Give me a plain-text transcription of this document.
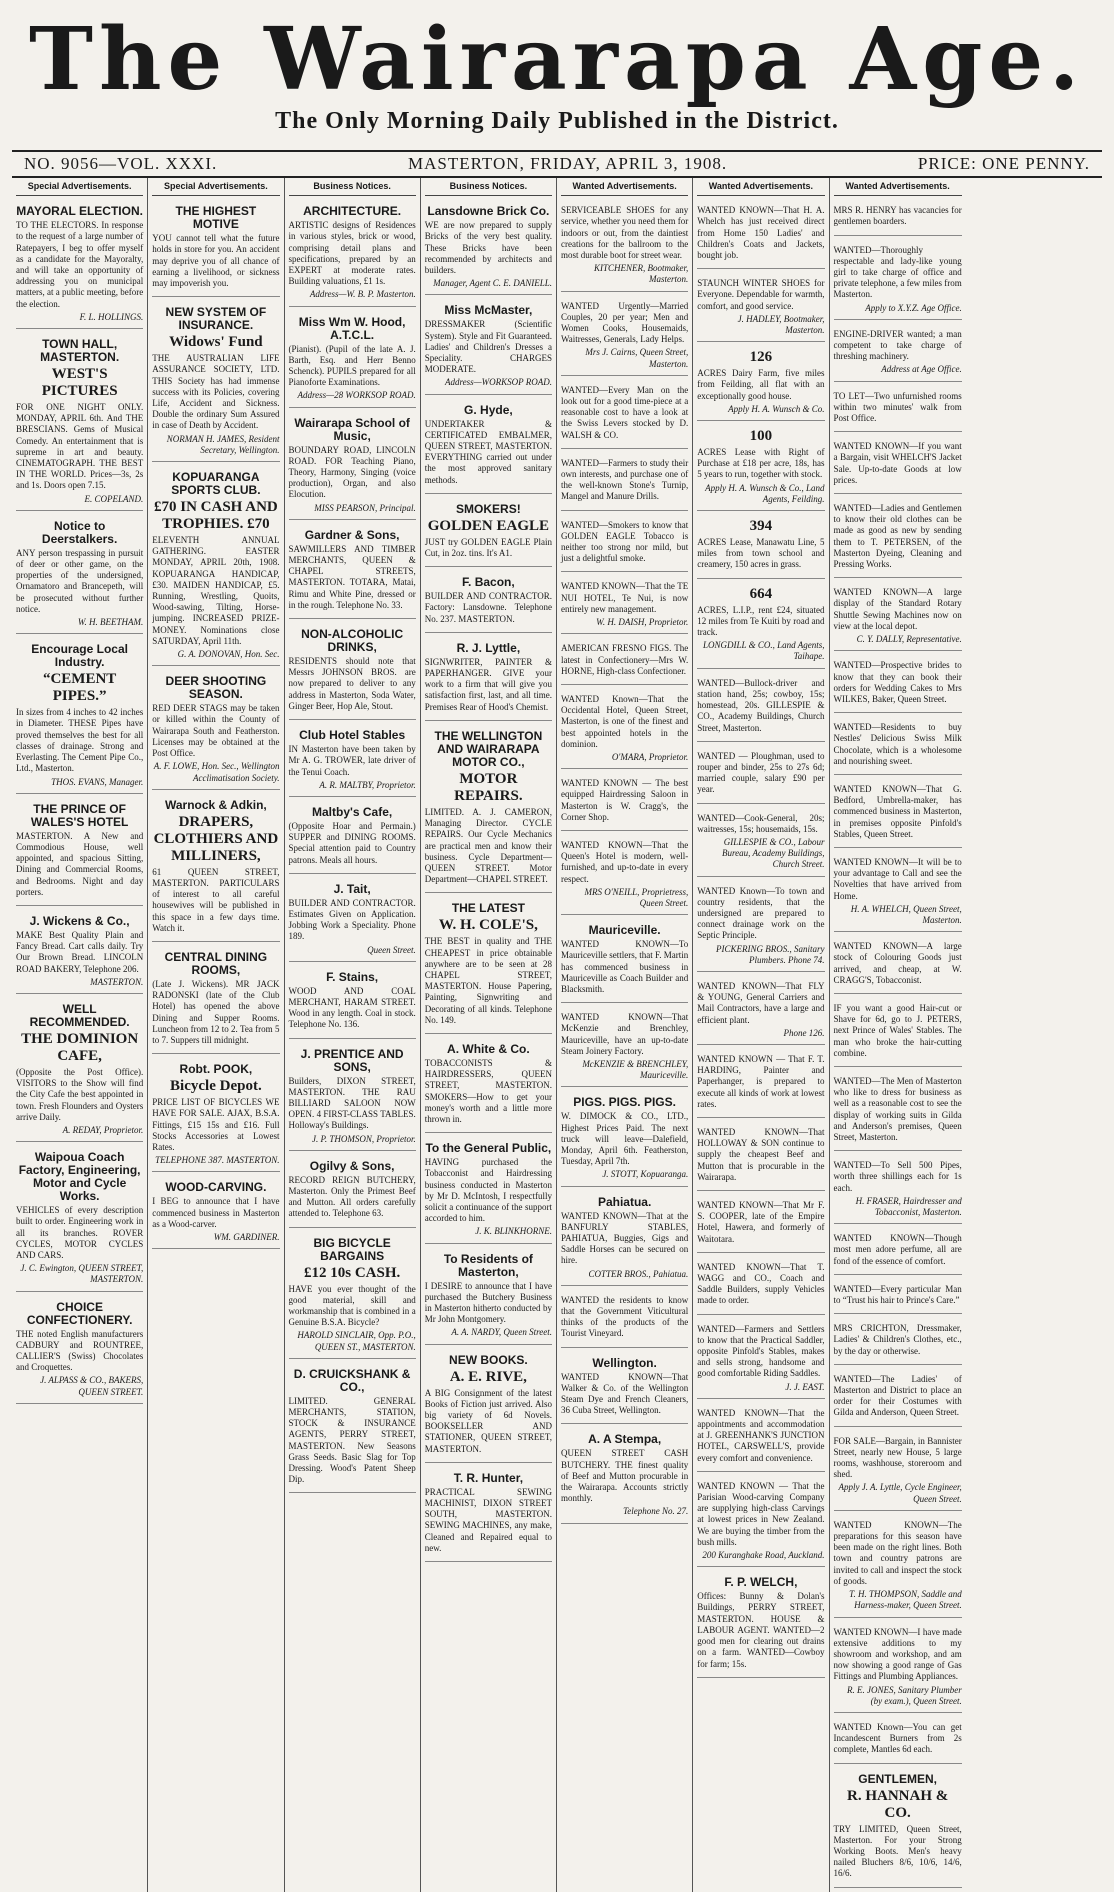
The Wairarapa Age.
The Only Morning Daily Published in the District.
NO. 9056—VOL. XXXI.	MASTERTON, FRIDAY, APRIL 3, 1908.	PRICE: ONE PENNY.
Special Advertisements.
MAYORAL ELECTION.

TO THE ELECTORS. In response to the request of a large number of Ratepayers, I beg to offer myself as a candidate for the Mayoralty, and will take an opportunity of addressing you on municipal matters, at a public meeting, before the election.

F. L. HOLLINGS.
TOWN HALL, MASTERTON.
WEST'S PICTURES

FOR ONE NIGHT ONLY. MONDAY, APRIL 6th. And THE BRESCIANS. Gems of Musical Comedy. An entertainment that is supreme in art and beauty. CINEMATOGRAPH. THE BEST IN THE WORLD. Prices—3s, 2s and 1s. Doors open 7.15.

E. COPELAND.
Notice to Deerstalkers.

ANY person trespassing in pursuit of deer or other game, on the properties of the undersigned, Ornamatoro and Brancepeth, will be prosecuted without further notice.

W. H. BEETHAM.
Encourage Local Industry.
“CEMENT PIPES.”

In sizes from 4 inches to 42 inches in Diameter. THESE Pipes have proved themselves the best for all classes of drainage. Strong and Everlasting. The Cement Pipe Co., Ltd., Masterton.

THOS. EVANS, Manager.
THE PRINCE OF WALES'S HOTEL

MASTERTON. A New and Commodious House, well appointed, and spacious Sitting, Dining and Commercial Rooms, and Bedrooms. Night and day porters.

J. Wickens & Co.,

MAKE Best Quality Plain and Fancy Bread. Cart calls daily. Try Our Brown Bread. LINCOLN ROAD BAKERY, Telephone 206.

MASTERTON.
WELL RECOMMENDED.
THE DOMINION CAFE,

(Opposite the Post Office). VISITORS to the Show will find the City Cafe the best appointed in town. Fresh Flounders and Oysters arrive Daily.

A. REDAY, Proprietor.
Waipoua Coach Factory, Engineering, Motor and Cycle Works.

VEHICLES of every description built to order. Engineering work in all its branches. ROVER CYCLES, MOTOR CYCLES AND CARS.

J. C. Ewington, QUEEN STREET, MASTERTON.
CHOICE CONFECTIONERY.

THE noted English manufacturers CADBURY and ROUNTREE, CALLIER'S (Swiss) Chocolates and Croquettes.

J. ALPASS & CO., BAKERS, QUEEN STREET.
Special Advertisements.
THE HIGHEST MOTIVE

YOU cannot tell what the future holds in store for you. An accident may deprive you of all chance of earning a livelihood, or sickness may impoverish you.

NEW SYSTEM OF INSURANCE.
Widows' Fund

THE AUSTRALIAN LIFE ASSURANCE SOCIETY, LTD. THIS Society has had immense success with its Policies, covering Life, Accident and Sickness. Double the ordinary Sum Assured in case of Death by Accident.

NORMAN H. JAMES, Resident Secretary, Wellington.
KOPUARANGA SPORTS CLUB.
£70 IN CASH AND TROPHIES. £70

ELEVENTH ANNUAL GATHERING. EASTER MONDAY, APRIL 20th, 1908. KOPUARANGA HANDICAP, £30. MAIDEN HANDICAP, £5. Running, Wrestling, Quoits, Wood-sawing, Tilting, Horse-jumping. INCREASED PRIZE-MONEY. Nominations close SATURDAY, April 11th.

G. A. DONOVAN, Hon. Sec.
DEER SHOOTING SEASON.

RED DEER STAGS may be taken or killed within the County of Wairarapa South and Featherston. Licenses may be obtained at the Post Office.

A. F. LOWE, Hon. Sec., Wellington Acclimatisation Society.
Warnock & Adkin,
DRAPERS, CLOTHIERS AND MILLINERS,

61 QUEEN STREET, MASTERTON. PARTICULARS of interest to all careful housewives will be published in this space in a few days time. Watch it.

CENTRAL DINING ROOMS,

(Late J. Wickens). MR JACK RADONSKI (late of the Club Hotel) has opened the above Dining and Supper Rooms. Luncheon from 12 to 2. Tea from 5 to 7. Suppers till midnight.

Robt. POOK,
Bicycle Depot.

PRICE LIST OF BICYCLES WE HAVE FOR SALE. AJAX, B.S.A. Fittings, £15 15s and £16. Full Stocks Accessories at Lowest Rates.

TELEPHONE 387. MASTERTON.
WOOD-CARVING.

I BEG to announce that I have commenced business in Masterton as a Wood-carver.

WM. GARDINER.
Business Notices.
ARCHITECTURE.

ARTISTIC designs of Residences in various styles, brick or wood, comprising detail plans and specifications, prepared by an EXPERT at moderate rates. Building valuations, £1 1s.

Address—W. B. P. Masterton.
Miss Wm W. Hood, A.T.C.L.

(Pianist). (Pupil of the late A. J. Barth, Esq. and Herr Benno Schenck). PUPILS prepared for all Pianoforte Examinations.

Address—28 WORKSOP ROAD.
Wairarapa School of Music,

BOUNDARY ROAD, LINCOLN ROAD. FOR Teaching Piano, Theory, Harmony, Singing (voice production), Organ, and also Elocution.

MISS PEARSON, Principal.
Gardner & Sons,

SAWMILLERS AND TIMBER MERCHANTS, QUEEN & CHAPEL STREETS, MASTERTON. TOTARA, Matai, Rimu and White Pine, dressed or in the rough. Telephone No. 33.

NON-ALCOHOLIC DRINKS,

RESIDENTS should note that Messrs JOHNSON BROS. are now prepared to deliver to any address in Masterton, Soda Water, Ginger Beer, Hop Ale, Stout.

Club Hotel Stables

IN Masterton have been taken by Mr A. G. TROWER, late driver of the Tenui Coach.

A. R. MALTBY, Proprietor.
Maltby's Cafe,

(Opposite Hoar and Permain.) SUPPER and DINING ROOMS. Special attention paid to Country patrons. Meals all hours.

J. Tait,

BUILDER AND CONTRACTOR. Estimates Given on Application. Jobbing Work a Speciality. Phone 189.

Queen Street.
F. Stains,

WOOD AND COAL MERCHANT, HARAM STREET. Wood in any length. Coal in stock. Telephone No. 136.

J. PRENTICE AND SONS,

Builders, DIXON STREET, MASTERTON. THE RAU BILLIARD SALOON NOW OPEN. 4 FIRST-CLASS TABLES. Holloway's Buildings.

J. P. THOMSON, Proprietor.
Ogilvy & Sons,

RECORD REIGN BUTCHERY, Masterton. Only the Primest Beef and Mutton. All orders carefully attended to. Telephone 63.

BIG BICYCLE BARGAINS
£12 10s CASH.

HAVE you ever thought of the good material, skill and workmanship that is combined in a Genuine B.S.A. Bicycle?

HAROLD SINCLAIR, Opp. P.O., QUEEN ST., MASTERTON.
D. CRUICKSHANK & CO.,

LIMITED. GENERAL MERCHANTS, STATION, STOCK & INSURANCE AGENTS, PERRY STREET, MASTERTON. New Seasons Grass Seeds. Basic Slag for Top Dressing. Wood's Patent Sheep Dip.

Business Notices.
Lansdowne Brick Co.

WE are now prepared to supply Bricks of the very best quality. These Bricks have been recommended by architects and builders.

Manager, Agent C. E. DANIELL.
Miss McMaster,

DRESSMAKER (Scientific System). Style and Fit Guaranteed. Ladies' and Children's Dresses a Speciality. CHARGES MODERATE.

Address—WORKSOP ROAD.
G. Hyde,

UNDERTAKER & CERTIFICATED EMBALMER, QUEEN STREET, MASTERTON. EVERYTHING carried out under the most approved sanitary methods.

SMOKERS!
GOLDEN EAGLE

JUST try GOLDEN EAGLE Plain Cut, in 2oz. tins. It's A1.

F. Bacon,

BUILDER AND CONTRACTOR. Factory: Lansdowne. Telephone No. 237. MASTERTON.

R. J. Lyttle,

SIGNWRITER, PAINTER & PAPERHANGER. GIVE your work to a firm that will give you satisfaction first, last, and all time. Premises Rear of Hood's Chemist.

THE WELLINGTON AND WAIRARAPA MOTOR CO.,
MOTOR REPAIRS.

LIMITED. A. J. CAMERON, Managing Director. CYCLE REPAIRS. Our Cycle Mechanics are practical men and know their business. Cycle Department—QUEEN STREET. Motor Department—CHAPEL STREET.

THE LATEST
W. H. COLE'S,

THE BEST in quality and THE CHEAPEST in price obtainable anywhere are to be seen at 28 CHAPEL STREET, MASTERTON. House Papering, Painting, Signwriting and Decorating of all kinds. Telephone No. 149.

A. White & Co.

TOBACCONISTS & HAIRDRESSERS, QUEEN STREET, MASTERTON. SMOKERS—How to get your money's worth and a little more thrown in.

To the General Public,

HAVING purchased the Tobacconist and Hairdressing business conducted in Masterton by Mr D. McIntosh, I respectfully solicit a continuance of the support accorded to him.

J. K. BLINKHORNE.
To Residents of Masterton,

I DESIRE to announce that I have purchased the Butchery Business in Masterton hitherto conducted by Mr John Montgomery.

A. A. NARDY, Queen Street.
NEW BOOKS.
A. E. RIVE,

A BIG Consignment of the latest Books of Fiction just arrived. Also big variety of 6d Novels. BOOKSELLER AND STATIONER, QUEEN STREET, MASTERTON.

T. R. Hunter,

PRACTICAL SEWING MACHINIST, DIXON STREET SOUTH, MASTERTON. SEWING MACHINES, any make, Cleaned and Repaired equal to new.

Wanted Advertisements.

SERVICEABLE SHOES for any service, whether you need them for indoors or out, from the daintiest creations for the ballroom to the most durable boot for street wear.

KITCHENER, Bootmaker, Masterton.

WANTED Urgently—Married Couples, 20 per year; Men and Women Cooks, Housemaids, Waitresses, Generals, Lady Helps.

Mrs J. Cairns, Queen Street, Masterton.

WANTED—Every Man on the look out for a good time-piece at a reasonable cost to have a look at the Swiss Levers stocked by D. WALSH & CO.

WANTED—Farmers to study their own interests, and purchase one of the well-known Stone's Turnip, Mangel and Manure Drills.

WANTED—Smokers to know that GOLDEN EAGLE Tobacco is neither too strong nor mild, but just a delightful smoke.

WANTED KNOWN—That the TE NUI HOTEL, Te Nui, is now entirely new management.

W. H. DAISH, Proprietor.

AMERICAN FRESNO FIGS. The latest in Confectionery—Mrs W. HORNE, High-class Confectioner.

WANTED Known—That the Occidental Hotel, Queen Street, Masterton, is one of the finest and best appointed hotels in the dominion.

O'MARA, Proprietor.

WANTED KNOWN — The best equipped Hairdressing Saloon in Masterton is W. Cragg's, the Corner Shop.

WANTED KNOWN—That the Queen's Hotel is modern, well-furnished, and up-to-date in every respect.

MRS O'NEILL, Proprietress, Queen Street.
Mauriceville.

WANTED KNOWN—To Mauriceville settlers, that F. Martin has commenced business in Mauriceville as Coach Builder and Blacksmith.

WANTED KNOWN—That McKenzie and Brenchley, Mauriceville, have an up-to-date Steam Joinery Factory.

McKENZIE & BRENCHLEY, Mauriceville.
PIGS. PIGS. PIGS.

W. DIMOCK & CO., LTD., Highest Prices Paid. The next truck will leave—Dalefield, Monday, April 6th. Featherston, Tuesday, April 7th.

J. STOTT, Kopuaranga.
Pahiatua.

WANTED KNOWN—That at the BANFURLY STABLES, PAHIATUA, Buggies, Gigs and Saddle Horses can be secured on hire.

COTTER BROS., Pahiatua.

WANTED the residents to know that the Government Viticultural thinks of the products of the Tourist Vineyard.

Wellington.

WANTED KNOWN—That Walker & Co. of the Wellington Steam Dye and French Cleaners, 36 Cuba Street, Wellington.

A. A Stempa,

QUEEN STREET CASH BUTCHERY. THE finest quality of Beef and Mutton procurable in the Wairarapa. Accounts strictly monthly.

Telephone No. 27.
Wanted Advertisements.

WANTED KNOWN—That H. A. Whelch has just received direct from Home 150 Ladies' and Children's Coats and Jackets, bought job.

STAUNCH WINTER SHOES for Everyone. Dependable for warmth, comfort, and good service.

J. HADLEY, Bootmaker, Masterton.
126

ACRES Dairy Farm, five miles from Feilding, all flat with an exceptionally good house.

Apply H. A. Wunsch & Co.
100

ACRES Lease with Right of Purchase at £18 per acre, 18s, has 5 years to run, together with stock.

Apply H. A. Wunsch & Co., Land Agents, Feilding.
394

ACRES Lease, Manawatu Line, 5 miles from town school and creamery, 150 acres in grass.

664

ACRES, L.I.P., rent £24, situated 12 miles from Te Kuiti by road and track.

LONGDILL & CO., Land Agents, Taihape.

WANTED—Bullock-driver and station hand, 25s; cowboy, 15s; homestead, 20s. GILLESPIE & CO., Academy Buildings, Church Street, Masterton.

WANTED — Ploughman, used to rouper and binder, 25s to 27s 6d; married couple, salary £90 per year.

WANTED—Cook-General, 20s; waitresses, 15s; housemaids, 15s.

GILLESPIE & CO., Labour Bureau, Academy Buildings, Church Street.

WANTED Known—To town and country residents, that the undersigned are prepared to connect drainage work on the Septic Principle.

PICKERING BROS., Sanitary Plumbers. Phone 74.

WANTED KNOWN—That FLY & YOUNG, General Carriers and Mail Contractors, have a large and efficient plant.

Phone 126.

WANTED KNOWN — That F. T. HARDING, Painter and Paperhanger, is prepared to execute all kinds of work at lowest rates.

WANTED KNOWN—That HOLLOWAY & SON continue to supply the cheapest Beef and Mutton that is procurable in the Wairarapa.

WANTED KNOWN—That Mr F. S. COOPER, late of the Empire Hotel, Hawera, and formerly of Waitotara.

WANTED KNOWN—That T. WAGG and CO., Coach and Saddle Builders, supply Vehicles made to order.

WANTED—Farmers and Settlers to know that the Practical Saddler, opposite Pinfold's Stables, makes and sells strong, handsome and good comfortable Riding Saddles.

J. J. EAST.

WANTED KNOWN—That the appointments and accommodation at J. GREENHANK'S JUNCTION HOTEL, CARSWELL'S, provide every comfort and convenience.

WANTED KNOWN — That the Parisian Wood-carving Company are supplying high-class Carvings at lowest prices in New Zealand. We are buying the timber from the bush mills.

200 Kuranghake Road, Auckland.
F. P. WELCH,

Offices: Bunny & Dolan's Buildings, PERRY STREET, MASTERTON. HOUSE & LABOUR AGENT. WANTED—2 good men for clearing out drains on a farm. WANTED—Cowboy for farm; 15s.

Wanted Advertisements.

MRS R. HENRY has vacancies for gentlemen boarders.

WANTED—Thoroughly respectable and lady-like young girl to take charge of office and private telephone, a few miles from Masterton.

Apply to X.Y.Z. Age Office.

ENGINE-DRIVER wanted; a man competent to take charge of threshing machinery.

Address at Age Office.

TO LET—Two unfurnished rooms within two minutes' walk from Post Office.

WANTED KNOWN—If you want a Bargain, visit WHELCH'S Jacket Sale. Up-to-date Goods at low prices.

WANTED—Ladies and Gentlemen to know their old clothes can be made as good as new by sending them to T. PETERSEN, of the Masterton Dyeing, Cleaning and Pressing Works.

WANTED KNOWN—A large display of the Standard Rotary Shuttle Sewing Machines now on view at the local depot.

C. Y. DALLY, Representative.

WANTED—Prospective brides to know that they can book their orders for Wedding Cakes to Mrs WILKES, Baker, Queen Street.

WANTED—Residents to buy Nestles' Delicious Swiss Milk Chocolate, which is a wholesome and nourishing sweet.

WANTED KNOWN—That G. Bedford, Umbrella-maker, has commenced business in Masterton, in premises opposite Pinfold's Stables, Queen Street.

WANTED KNOWN—It will be to your advantage to Call and see the Novelties that have arrived from Home.

H. A. WHELCH, Queen Street, Masterton.

WANTED KNOWN—A large stock of Colouring Goods just arrived, and cheap, at W. CRAGG'S, Tobacconist.

IF you want a good Hair-cut or Shave for 6d, go to J. PETERS, next Prince of Wales' Stables. The man who broke the hair-cutting combine.

WANTED—The Men of Masterton who like to dress for business as well as a reasonable cost to see the display of working suits in Gilda and Anderson's premises, Queen Street, Masterton.

WANTED—To Sell 500 Pipes, worth three shillings each for 1s each.

H. FRASER, Hairdresser and Tobacconist, Masterton.

WANTED KNOWN—Though most men adore perfume, all are fond of the essence of comfort.

WANTED—Every particular Man to “Trust his hair to Prince's Care.”

MRS CRICHTON, Dressmaker, Ladies' & Children's Clothes, etc., by the day or otherwise.

WANTED—The Ladies' of Masterton and District to place an order for their Costumes with Gilda and Anderson, Queen Street.

FOR SALE—Bargain, in Bannister Street, nearly new House, 5 large rooms, washhouse, storeroom and shed.

Apply J. A. Lyttle, Cycle Engineer, Queen Street.

WANTED KNOWN—The preparations for this season have been made on the right lines. Both town and country patrons are invited to call and inspect the stock of goods.

T. H. THOMPSON, Saddle and Harness-maker, Queen Street.

WANTED KNOWN—I have made extensive additions to my showroom and workshop, and am now showing a good range of Gas Fittings and Plumbing Appliances.

R. E. JONES, Sanitary Plumber (by exam.), Queen Street.

WANTED Known—You can get Incandescent Burners from 2s complete, Mantles 6d each.

GENTLEMEN,
R. HANNAH & CO.

TRY LIMITED, Queen Street, Masterton. For your Strong Working Boots. Men's heavy nailed Bluchers 8/6, 10/6, 14/6, 16/6.
